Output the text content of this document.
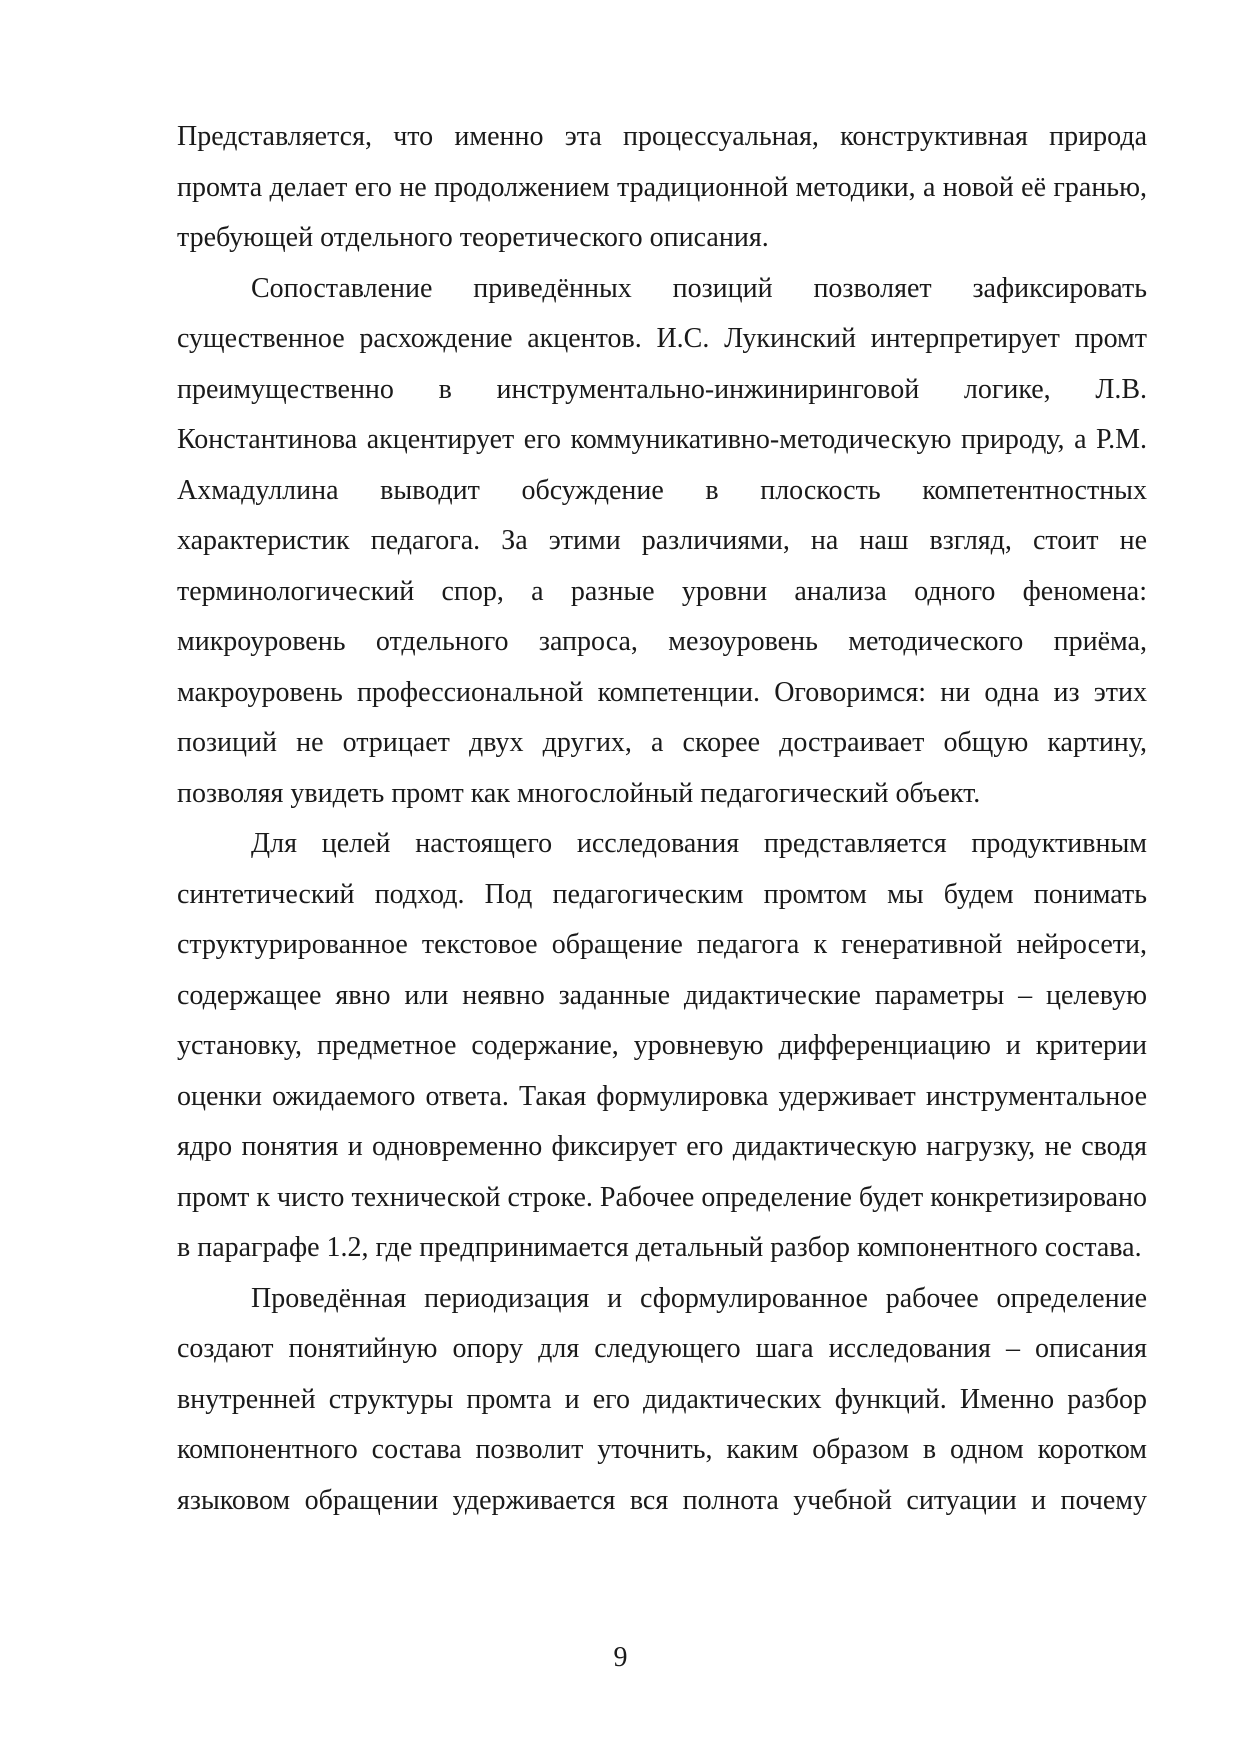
Представляется, что именно эта процессуальная, конструктивная природа промта делает его не продолжением традиционной методики, а новой её гранью, требующей отдельного теоретического описания.

Сопоставление приведённых позиций позволяет зафиксировать существенное расхождение акцентов. И.С. Лукинский интерпретирует промт преимущественно в инструментально-инжиниринговой логике, Л.В. Константинова акцентирует его коммуникативно-методическую природу, а Р.М. Ахмадуллина выводит обсуждение в плоскость компетентностных характеристик педагога. За этими различиями, на наш взгляд, стоит не терминологический спор, а разные уровни анализа одного феномена: микроуровень отдельного запроса, мезоуровень методического приёма, макроуровень профессиональной компетенции. Оговоримся: ни одна из этих позиций не отрицает двух других, а скорее достраивает общую картину, позволяя увидеть промт как многослойный педагогический объект.

Для целей настоящего исследования представляется продуктивным синтетический подход. Под педагогическим промтом мы будем понимать структурированное текстовое обращение педагога к генеративной нейросети, содержащее явно или неявно заданные дидактические параметры – целевую установку, предметное содержание, уровневую дифференциацию и критерии оценки ожидаемого ответа. Такая формулировка удерживает инструментальное ядро понятия и одновременно фиксирует его дидактическую нагрузку, не сводя промт к чисто технической строке. Рабочее определение будет конкретизировано в параграфе 1.2, где предпринимается детальный разбор компонентного состава.

Проведённая периодизация и сформулированное рабочее определение создают понятийную опору для следующего шага исследования – описания внутренней структуры промта и его дидактических функций. Именно разбор компонентного состава позволит уточнить, каким образом в одном коротком языковом обращении удерживается вся полнота учебной ситуации и почему

9
